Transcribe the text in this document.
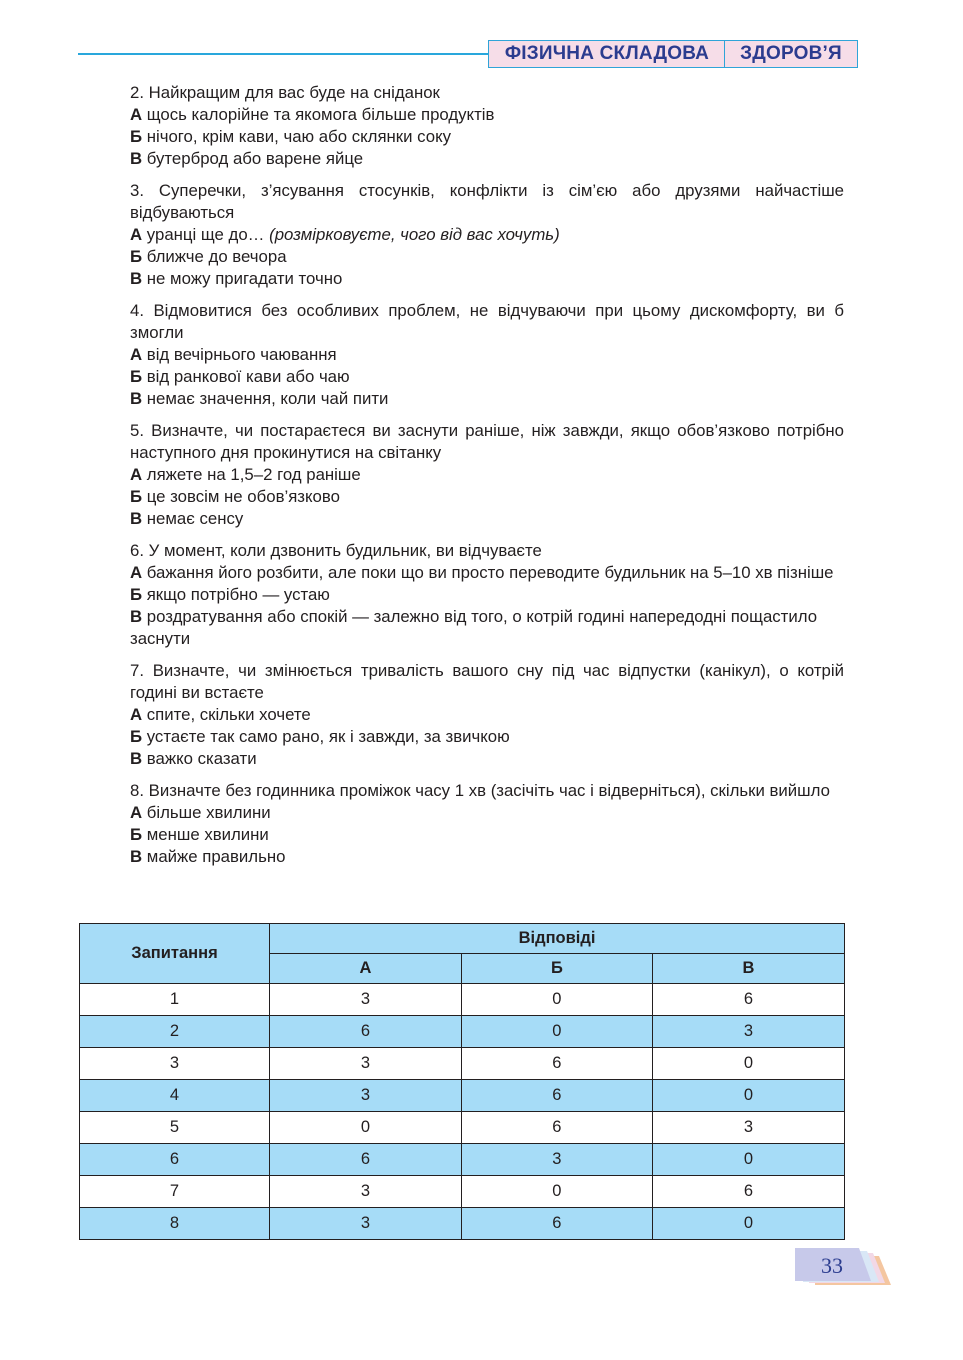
ФІЗИЧНА СКЛАДОВА	ЗДОРОВ’Я
2. Найкращим для вас буде на сніданок
А щось калорійне та якомога більше продуктів
Б нічого, крім кави, чаю або склянки соку
В бутерброд або варене яйце
3. Суперечки, з’ясування стосунків, конфлікти із сім’єю або друзями найчастіше відбуваються
А уранці ще до… (розмірковуєте, чого від вас хочуть)
Б ближче до вечора
В не можу пригадати точно
4. Відмовитися без особливих проблем, не відчуваючи при цьому дискомфорту, ви б змогли
А від вечірнього чаювання
Б від ранкової кави або чаю
В немає значення, коли чай пити
5. Визначте, чи постараєтеся ви заснути раніше, ніж завжди, якщо обов’язково потрібно наступного дня прокинутися на світанку
А ляжете на 1,5–2 год раніше
Б це зовсім не обов’язково
В немає сенсу
6. У момент, коли дзвонить будильник, ви відчуваєте
А бажання його розбити, але поки що ви просто переводите будильник на 5–10 хв пізніше
Б якщо потрібно — устаю
В роздратування або спокій — залежно від того, о котрій годині напередодні пощастило заснути
7. Визначте, чи змінюється тривалість вашого сну під час відпустки (канікул), о котрій годині ви встаєте
А спите, скільки хочете
Б устаєте так само рано, як і завжди, за звичкою
В важко сказати
8. Визначте без годинника проміжок часу 1 хв (засічіть час і відверніться), скільки вийшло
А більше хвилини
Б менше хвилини
В майже правильно
Запитання	Відповіді		
	А	Б	В
1	3	0	6
2	6	0	3
3	3	6	0
4	3	6	0
5	0	6	3
6	6	3	0
7	3	0	6
8	3	6	0
33
